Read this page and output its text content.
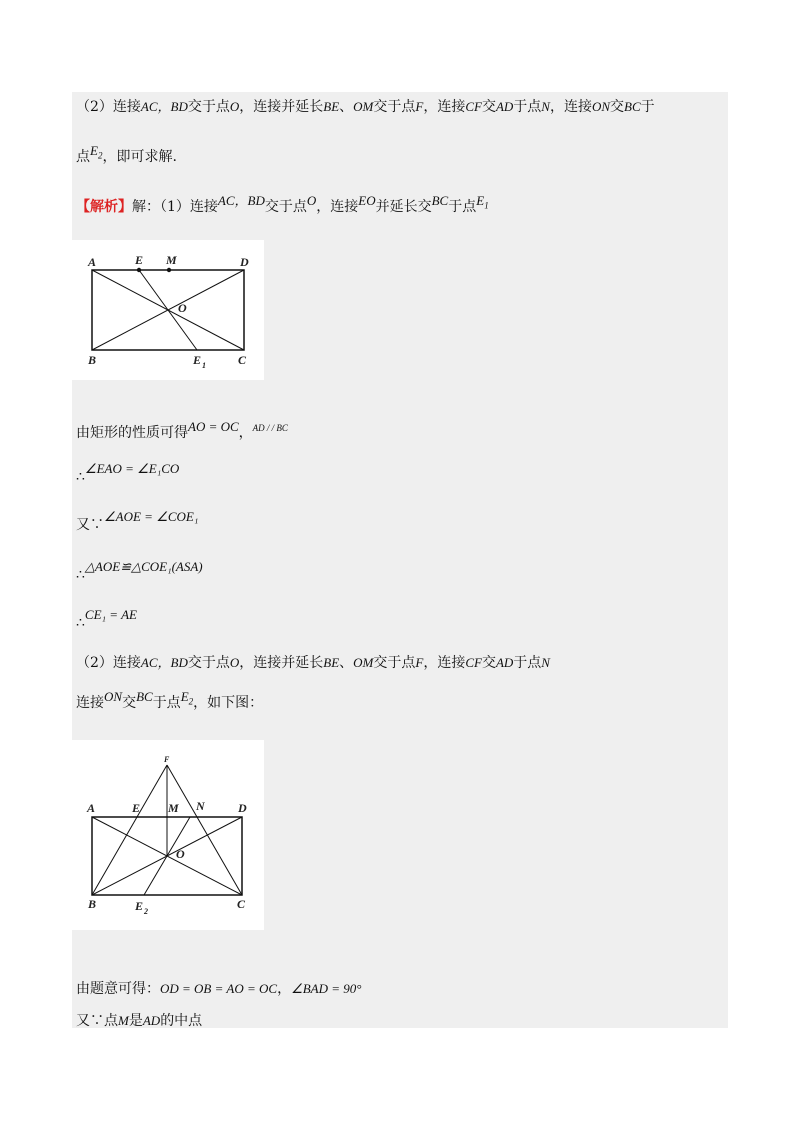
（2）连接AC，BD交于点O，连接并延长BE、OM交于点F，连接CF交AD于点N，连接ON交BC于
点$E_2$，即可求解.
【解析】解：（1）连接AC，BD交于点O，连接EO并延长交BC于点$E_1$
A	E M	D
O
B	E 1	C
由矩形的性质可得AO = OC，$^{AD / / BC}$
∴∠EAO = ∠E₁CO
又∵∠AOE = ∠COE₁
∴△AOE≌△COE₁(ASA)
∴CE₁ = AE
（2）连接AC，BD交于点O，连接并延长BE、OM交于点F，连接CF交AD于点N
连接ON交BC于点$E_2$，如下图：
F
A	E M N	D
O
B	E 2
C
由题意可得：OD = OB = AO = OC，∠BAD = 90°
又∵点M是AD的中点
